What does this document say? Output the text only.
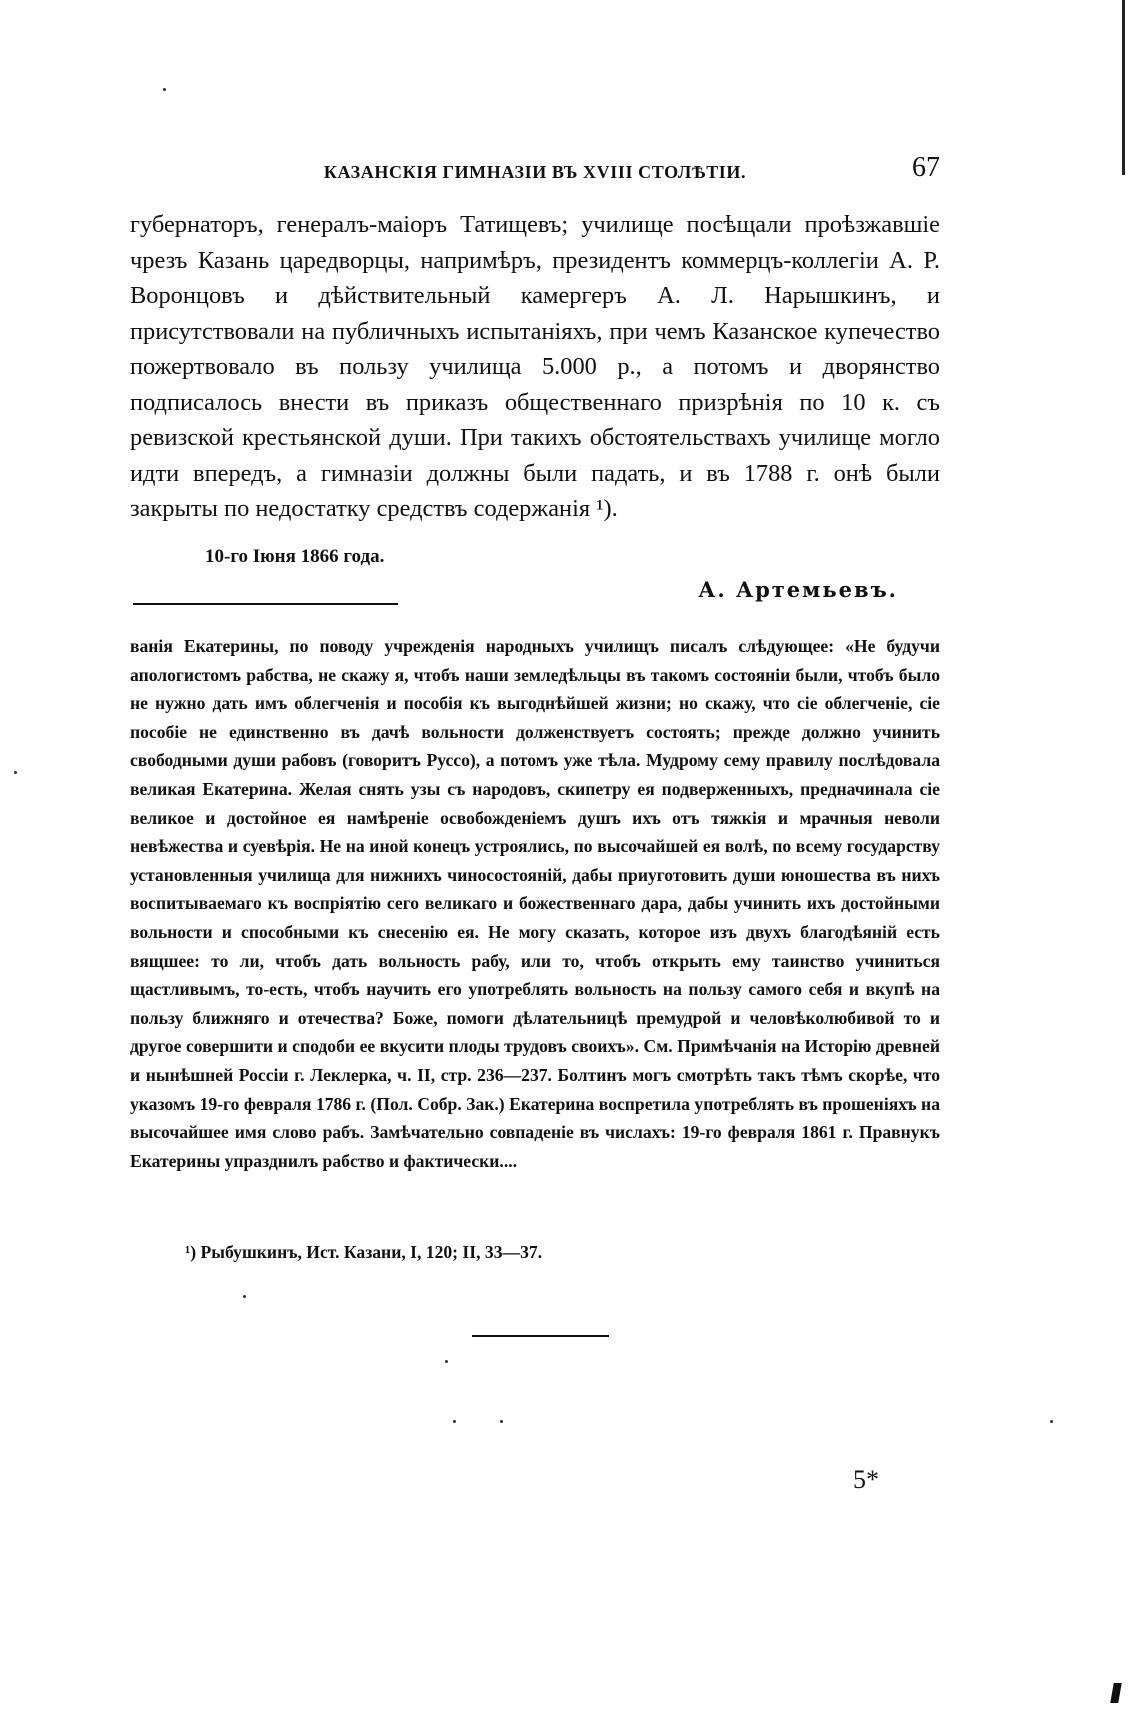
КАЗАНСКІЯ ГИМНАЗІИ ВЪ XVIII СТОЛѢТІИ.	67

губернаторъ, генералъ-маіоръ Татищевъ; училище посѣщали проѣзжавшіе чрезъ Казань царедворцы, напримѣръ, президентъ коммерцъ-коллегіи А. Р. Воронцовъ и дѣйствительный камергеръ А. Л. Нарышкинъ, и присутствовали на публичныхъ испытаніяхъ, при чемъ Казанское купечество пожертвовало въ пользу училища 5.000 р., а потомъ и дворянство подписалось внести въ приказъ общественнаго призрѣнія по 10 к. съ ревизской крестьянской души. При такихъ обстоятельствахъ училище могло идти впередъ, а гимназіи должны были падать, и въ 1788 г. онѣ были закрыты по недостатку средствъ содержанія ¹).

10-го Іюня 1866 года.
А. Артемьевъ.

ванія Екатерины, по поводу учрежденія народныхъ училищъ писалъ слѣдующее: «Не будучи апологистомъ рабства, не скажу я, чтобъ наши земледѣльцы въ такомъ состояніи были, чтобъ было не нужно дать имъ облегченія и пособія къ выгоднѣйшей жизни; но скажу, что сіе облегченіе, сіе пособіе не единственно въ дачѣ вольности долженствуетъ состоять; прежде должно учинить свободными души рабовъ (говоритъ Руссо), а потомъ уже тѣла. Мудрому сему правилу послѣдовала великая Екатерина. Желая снять узы съ народовъ, скипетру ея подверженныхъ, предначинала сіе великое и достойное ея намѣреніе освобожденіемъ душъ ихъ отъ тяжкія и мрачныя неволи невѣжества и суевѣрія. Не на иной конецъ устроялись, по высочайшей ея волѣ, по всему государству установленныя училища для нижнихъ чиносостояній, дабы приуготовить души юношества въ нихъ воспитываемаго къ воспріятію сего великаго и божественнаго дара, дабы учинить ихъ достойными вольности и способными къ снесенію ея. Не могу сказать, которое изъ двухъ благодѣяній есть вящшее: то ли, чтобъ дать вольность рабу, или то, чтобъ открыть ему таинство учиниться щастливымъ, то-есть, чтобъ научить его употреблять вольность на пользу самого себя и вкупѣ на пользу ближняго и отечества? Боже, помоги дѣлательницѣ премудрой и человѣколюбивой то и другое совершити и сподоби ее вкусити плоды трудовъ своихъ». См. Примѣчанія на Исторію древней и нынѣшней Россіи г. Леклерка, ч. II, стр. 236—237. Болтинъ могъ смотрѣть такъ тѣмъ скорѣе, что указомъ 19-го февраля 1786 г. (Пол. Собр. Зак.) Екатерина воспретила употреблять въ прошеніяхъ на высочайшее имя слово рабъ. Замѣчательно совпаденіе въ числахъ: 19-го февраля 1861 г. Правнукъ Екатерины упразднилъ рабство и фактически....

¹) Рыбушкинъ, Ист. Казани, I, 120; II, 33—37.
5*
